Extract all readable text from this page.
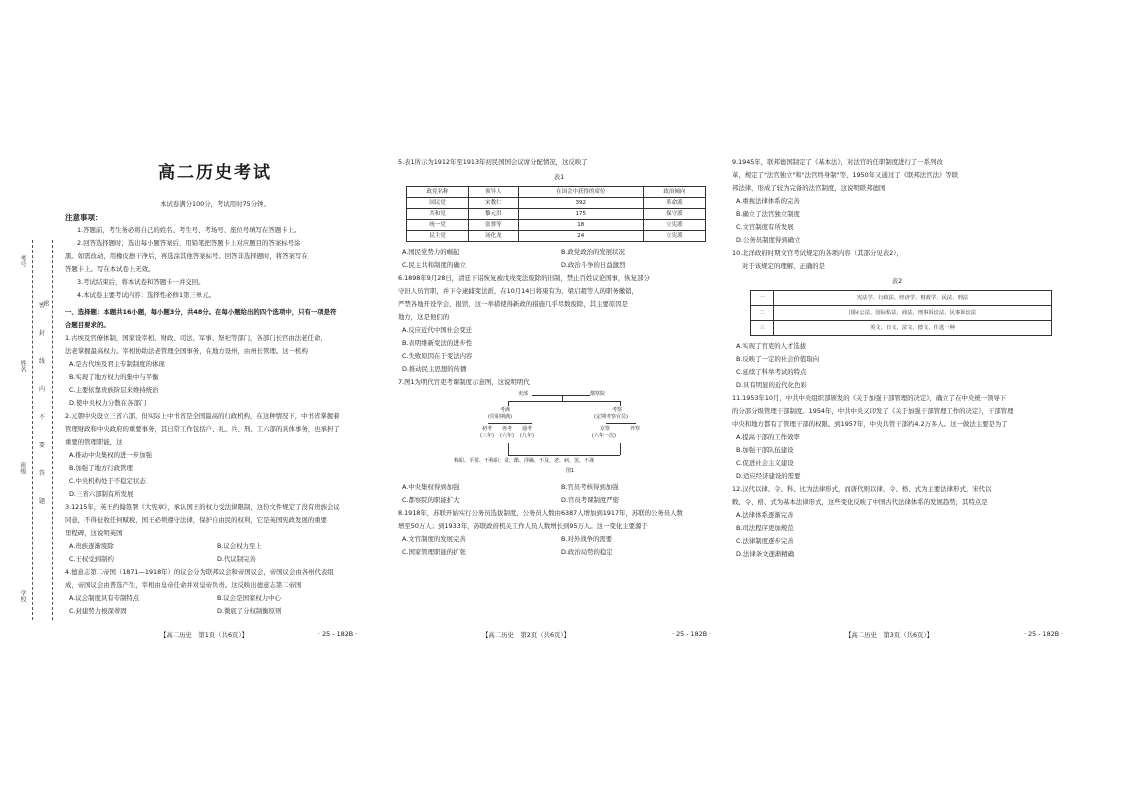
考号
姓名
班级
学校
密

密
封
线
内
不
要
答
题
高二历史考试
本试卷满分100分，考试用时75分钟。
注意事项：
1.答题前，考生务必将自己的姓名、考生号、考场号、座位号填写在答题卡上。
2.回答选择题时，选出每小题答案后，用铅笔把答题卡上对应题目的答案标号涂
黑。如需改动，用橡皮擦干净后，再选涂其他答案标号。回答非选择题时，将答案写在
答题卡上。写在本试卷上无效。
3.考试结束后，将本试卷和答题卡一并交回。
4.本试卷主要考试内容：选择性必修1第三单元。
一、选择题：本题共16小题，每小题3分，共48分。在每小题给出的四个选项中，只有一项是符
合题目要求的。
1.古埃及官僚体制，国家设宰相、财政、司法、军事、祭祀等部门，各部门长官由法老任命，
法老掌握最高权力。宰相协助法老管理全国事务，在地方设州，由州长管理。这一机构
A.是古代埃及君主专制制度的体现
B.实现了地方权力的集中与平衡
C.主要依靠贵族阶层来维持统治
D.使中央权力分散在各部门
2.元朝中央设立三省六部，但实际上中书省是全国最高的行政机构，在这种情况下，中书省掌握着
管理财政和中央政府的重要事务，其日常工作包括户、礼、兵、刑、工六部的具体事务，也承担了
重要的管理职能，这
A.推动中央集权的进一步加强
B.加强了地方行政管理
C.中央机构处于不稳定状态
D.三省六部制有所发展
3.1215年，英王约翰签署《大宪章》，承认国王的权力受法律限制，这份文件规定了没有贵族会议
同意，不得征收任何赋税，国王必须遵守法律，保护自由民的权利，它是英国宪政发展的重要
里程碑，这说明英国
A.贵族逐渐废除	B.议会权力至上
C.王权受到制约	D.代议制完善
4.德意志第二帝国（1871—1918年）的议会分为联邦议会和帝国议会，帝国议会由各州代表组
成，帝国议会由普选产生，宰相由皇帝任命并对皇帝负责。这反映出德意志第二帝国
A.议会制度具有专制特点	B.议会是国家权力中心
C.封建势力根深蒂固	D.微底了分权制衡原则
【高二历史　第1页（共6页）】	· 25 - 182B ·
5.表1所示为1912年至1913年初民国国会议席分配情况，这反映了
表1
政党名称	领导人	在国会中获得的席位	政治倾向
国民党	宋教仁	392	革命派
共和党	黎元洪	175	保守派
统一党	张謇等	18	立宪派
民主党	汤化龙	24	立宪派
A.国民党势力的崛起	B.政党政治的发展状况
C.民主共和制度的确立	D.政治斗争的日益激烈
6.1898年9月28日，清廷下诏恢复被戊戌变法废除的旧制，禁止百姓议论国事，恢复部分
守旧人员官职，并下令逮捕变法派，在10月14日将康有为，梁启超等人的职务撤销，
严禁各地开设学会、报馆，这一举措使得新政的措施几乎尽数废除，其主要原因是
地方，这是他们的
A.反应近代中国社会变迁
B.表明维新变法的进步性
C.失败原因在于变法内容
D.推动民主思想的传播
7.图1为明代官吏考课制度示意图，这说明明代
吏部	都察院
考满
(任职期满)
考察
(定期考察官员)
初考
(三年)
再考
(六年)
通考
(九年)
京察
(六年一次)
外察
称职、平常、不称职：贪、酷、浮躁、不及、老、病、罢、不谨
图1
A.中央集权得到加强	B.官员考核得到加强
C.都察院的职能扩大	D.官员考课制度严密
8.1918年，苏联开始实行公务员选拔制度，公务员人数由6387人增加到1917年，苏联的公务员人数
增至50万人；到1933年，苏联政府机关工作人员人数增长到95万人。这一变化主要源于
A.文官制度的发展完善	B.对外战争的需要
C.国家管理职能的扩张	D.政治局势的稳定
【高二历史　第2页（共6页）】	· 25 - 182B ·
9.1945年，联邦德国制定了《基本法》，对法官的任职制度进行了一系列改
革，规定了"法官独立"和"法官终身制"等，1950年又通过了《联邦法官法》等联
邦法律，形成了较为完备的法官制度，这说明联邦德国
A.重视法律体系的完善
B.确立了法官独立制度
C.文官制度有所发展
D.公务员制度得到确立
10.北洋政府时期文官考试规定的各项内容（其部分见表2），
对于该规定的理解，正确的是
表2
一	宪法学、行政法、经济学、财政学、民法、刑法
二	国际公法、国际私法、商法、刑事诉讼法、民事诉讼法
三	英文、日文、法文、德文、任选一种
A.实现了官吏的人才选拔
B.反映了一定的社会价值取向
C.延续了科举考试的特点
D.具有明显的近代化色彩
11.1953年10月，中共中央组织部颁发的《关于加强干部管理的决定》，确立了在中央统一领导下
的分部分级管理干部制度。1954年，中共中央又印发了《关于加强干部管理工作的决定》，干部管理
中央和地方都有了管理干部的权限。到1957年，中央共管干部约4.2万多人。这一做法主要是为了
A.提高干部的工作效率
B.加强干部队伍建设
C.促进社会主义建设
D.适应经济建设的需要
12.汉代以律、令、科、比为法律形式，而唐代则以律、令、格、式为主要法律形式，宋代以
敕、令、格、式为基本法律形式，这些变化反映了中国古代法律体系的发展趋势，其特点是
A.法律体系逐渐完善
B.司法程序更加规范
C.法律制度逐步完善
D.法律条文逐渐精确
【高二历史　第3页（共6页）】	· 25 - 182B ·
